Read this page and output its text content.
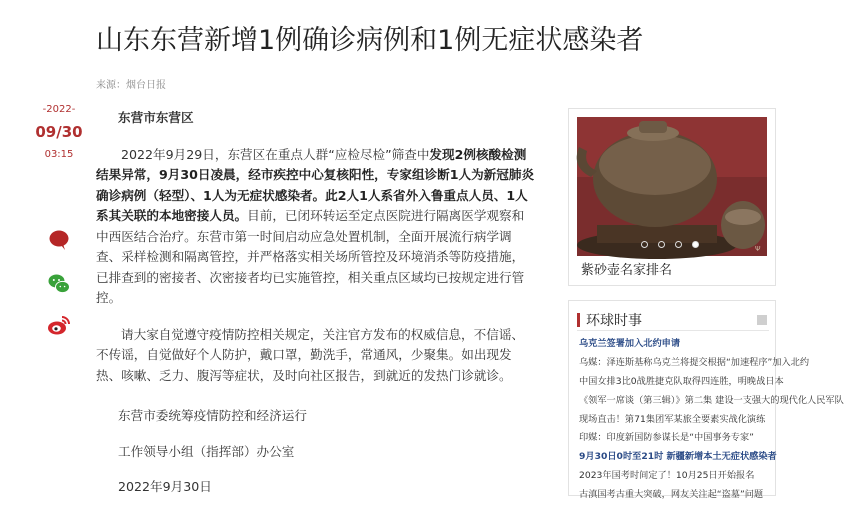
山东东营新增1例确诊病例和1例无症状感染者
来源：烟台日报
-2022-
09/30
03:15

东营市东营区

2022年9月29日，东营区在重点人群“应检尽检”筛查中发现2例核酸检测结果异常，9月30日凌晨，经市疾控中心复核阳性，专家组诊断1人为新冠肺炎确诊病例（轻型）、1人为无症状感染者。此2人1人系省外入鲁重点人员、1人系其关联的本地密接人员。目前，已闭环转运至定点医院进行隔离医学观察和中西医结合治疗。东营市第一时间启动应急处置机制，全面开展流行病学调查、采样检测和隔离管控，并严格落实相关场所管控及环境消杀等防疫措施，已排查到的密接者、次密接者均已实施管控，相关重点区域均已按规定进行管控。

请大家自觉遵守疫情防控相关规定，关注官方发布的权威信息，不信谣、不传谣，自觉做好个人防护，戴口罩，勤洗手，常通风，少聚集。如出现发热、咳嗽、乏力、腹泻等症状，及时向社区报告，到就近的发热门诊就诊。

东营市委统筹疫情防控和经济运行

工作领导小组（指挥部）办公室

2022年9月30日

Ψ
紫砂壶名家排名
环球时事
乌克兰签署加入北约申请
乌媒：泽连斯基称乌克兰将提交根据“加速程序”加入北约
中国女排3比0战胜捷克队取得四连胜，明晚战日本
《领军一席谈（第三辑）》第二集 建设一支强大的现代化人民军队
现场直击！第71集团军某旅全要素实战化演练
印媒：印度新国防参谋长是“中国事务专家”
9月30日0时至21时 新疆新增本土无症状感染者
2023年国考时间定了！10月25日开始报名
古滇国考古重大突破，网友关注起“盗墓”问题
